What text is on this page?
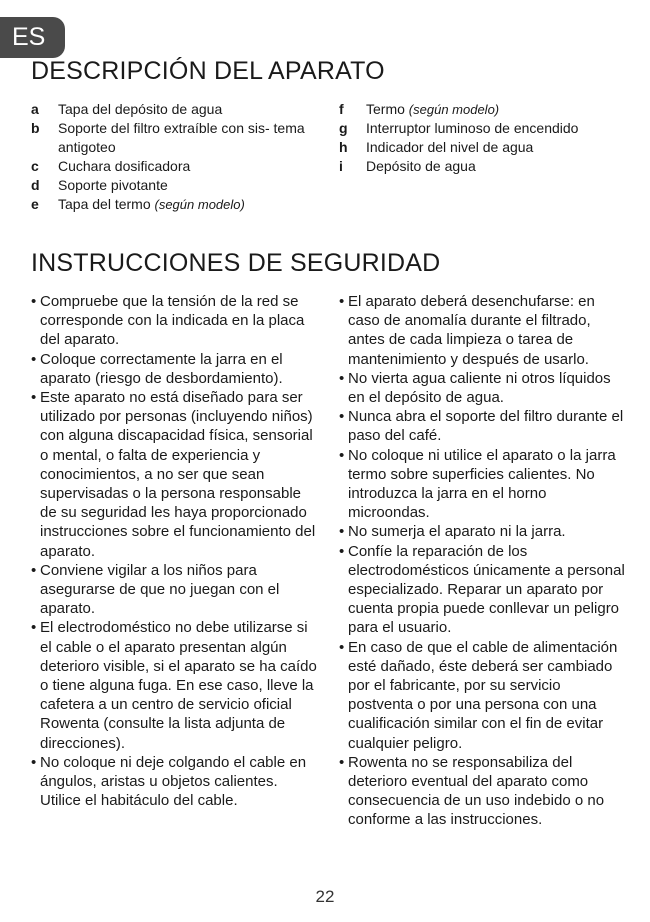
ES
DESCRIPCIÓN DEL APARATO
a	Tapa del depósito de agua
b	Soporte del filtro extraíble con sis- tema antigoteo
c	Cuchara dosificadora
d	Soporte pivotante
e	Tapa del termo (según modelo)
f	Termo (según modelo)
g	Interruptor luminoso de encendido
h	Indicador del nivel de agua
i	Depósito de agua
INSTRUCCIONES DE SEGURIDAD
• Compruebe que la tensión de la red se corresponde con la indicada en la placa del aparato.
• Coloque correctamente la jarra en el aparato (riesgo de desbordamiento).
• Este aparato no está diseñado para ser utilizado por personas (incluyendo niños) con alguna discapacidad física, sensorial o mental, o falta de experiencia y conocimientos, a no ser que sean supervisadas o la persona responsable de su seguridad les haya proporcionado instrucciones sobre el funcionamiento del aparato.
• Conviene vigilar a los niños para asegurarse de que no juegan con el aparato.
• El electrodoméstico no debe utilizarse si el cable o el aparato presentan algún deterioro visible, si el aparato se ha caído o tiene alguna fuga. En ese caso, lleve la cafetera a un centro de servicio oficial Rowenta (consulte la lista adjunta de direcciones).
• No coloque ni deje colgando el cable en ángulos, aristas u objetos calientes. Utilice el habitáculo del cable.
• El aparato deberá desenchufarse: en caso de anomalía durante el filtrado, antes de cada limpieza o tarea de mantenimiento y después de usarlo.
• No vierta agua caliente ni otros líquidos en el depósito de agua.
• Nunca abra el soporte del filtro durante el paso del café.
• No coloque ni utilice el aparato o la jarra termo sobre superficies calientes. No introduzca la jarra en el horno microondas.
• No sumerja el aparato ni la jarra.
• Confíe la reparación de los electrodomésticos únicamente a personal especializado. Reparar un aparato por cuenta propia puede conllevar un peligro para el usuario.
• En caso de que el cable de alimentación esté dañado, éste deberá ser cambiado por el fabricante, por su servicio postventa o por una persona con una cualificación similar con el fin de evitar cualquier peligro.
• Rowenta no se responsabiliza del deterioro eventual del aparato como consecuencia de un uso indebido o no conforme a las instrucciones.
22
